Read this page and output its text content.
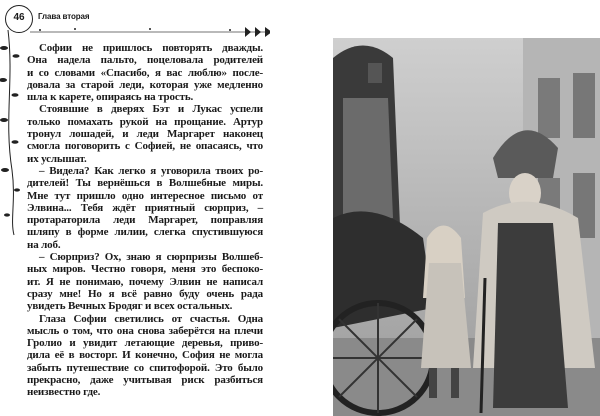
46	Глава вторая
Софии не пришлось повторять дважды.
Она надела пальто, поцеловала родителей
и со словами «Спасибо, я вас люблю» после-
довала за старой леди, которая уже медленно
шла к карете, опираясь на трость.
Стоявшие в дверях Бэт и Лукас успели
только помахать рукой на прощание. Артур
тронул лошадей, и леди Маргарет наконец
смогла поговорить с Софией, не опасаясь, что
их услышат.
– Видела? Как легко я уговорила твоих ро-
дителей! Ты вернёшься в Волшебные миры.
Мне тут пришло одно интересное письмо от
Элвина... Тебя ждёт приятный сюрприз, –
протараторила леди Маргарет, поправляя
шляпу в форме лилии, слегка спустившуюся
на лоб.
– Сюрприз? Ох, знаю я сюрпризы Волшеб-
ных миров. Честно говоря, меня это беспоко-
ит. Я не понимаю, почему Элвин не написал
сразу мне! Но я всё равно буду очень рада
увидеть Вечных Бродяг и всех остальных.
Глаза Софии светились от счастья. Одна
мысль о том, что она снова заберётся на плечи
Гролио и увидит летающие деревья, приво-
дила её в восторг. И конечно, София не могла
забыть путешествие со спитофорой. Это было
прекрасно, даже учитывая риск разбиться
неизвестно где.
